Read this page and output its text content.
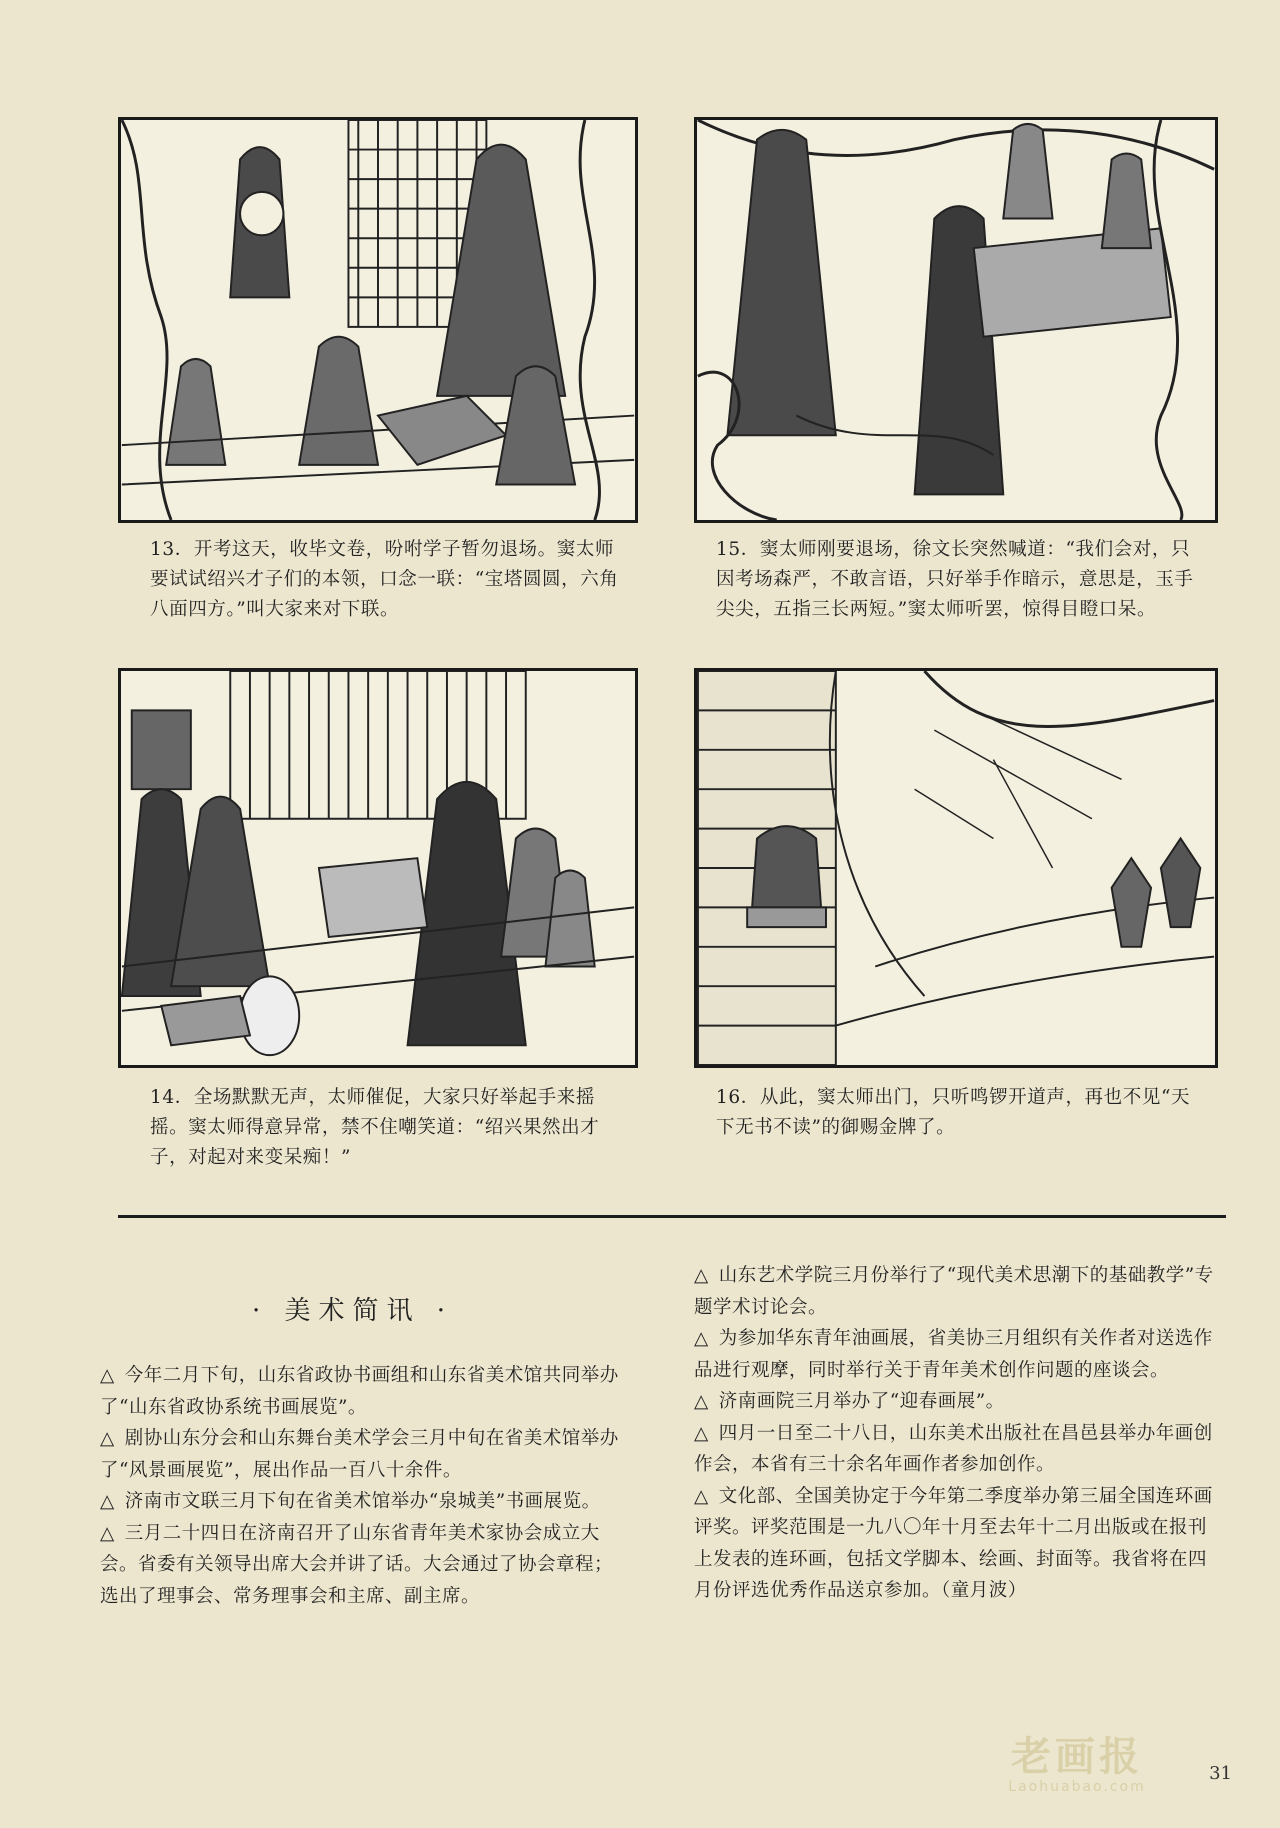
13．开考这天，收毕文卷，吩咐学子暂勿退场。窦太师要试试绍兴才子们的本领，口念一联：“宝塔圆圆，六角八面四方。”叫大家来对下联。
15．窦太师刚要退场，徐文长突然喊道：“我们会对，只因考场森严，不敢言语，只好举手作暗示，意思是，玉手尖尖，五指三长两短。”窦太师听罢，惊得目瞪口呆。
14．全场默默无声，太师催促，大家只好举起手来摇摇。窦太师得意异常，禁不住嘲笑道：“绍兴果然出才子，对起对来变呆痴！”
16．从此，窦太师出门，只听鸣锣开道声，再也不见“天下无书不读”的御赐金牌了。
· 美术简讯 ·

△ 今年二月下旬，山东省政协书画组和山东省美术馆共同举办了“山东省政协系统书画展览”。

△ 剧协山东分会和山东舞台美术学会三月中旬在省美术馆举办了“风景画展览”，展出作品一百八十余件。

△ 济南市文联三月下旬在省美术馆举办“泉城美”书画展览。

△ 三月二十四日在济南召开了山东省青年美术家协会成立大会。省委有关领导出席大会并讲了话。大会通过了协会章程；选出了理事会、常务理事会和主席、副主席。

△ 山东艺术学院三月份举行了“现代美术思潮下的基础教学”专题学术讨论会。

△ 为参加华东青年油画展，省美协三月组织有关作者对送选作品进行观摩，同时举行关于青年美术创作问题的座谈会。

△ 济南画院三月举办了“迎春画展”。

△ 四月一日至二十八日，山东美术出版社在昌邑县举办年画创作会，本省有三十余名年画作者参加创作。

△ 文化部、全国美协定于今年第二季度举办第三届全国连环画评奖。评奖范围是一九八〇年十月至去年十二月出版或在报刊上发表的连环画，包括文学脚本、绘画、封面等。我省将在四月份评选优秀作品送京参加。（童月波）

老画报
Laohuabao.com
31
